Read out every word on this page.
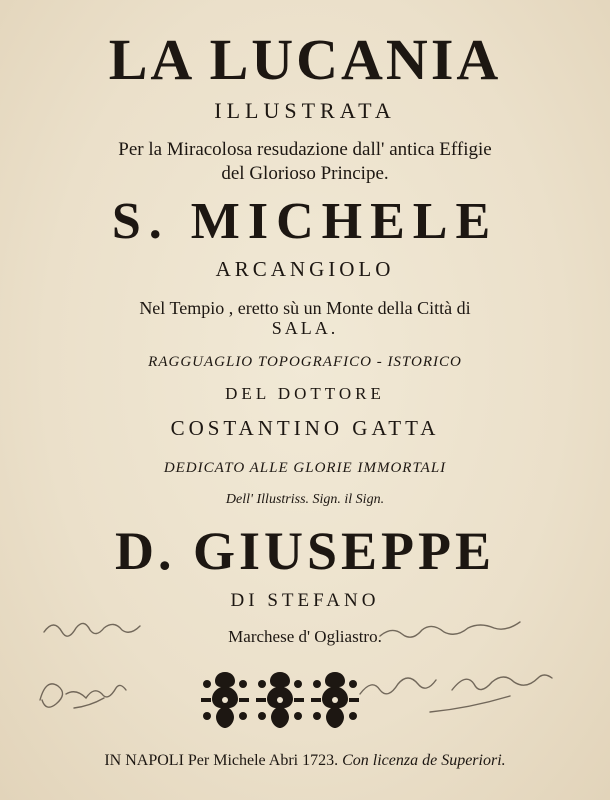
LA LUCANIA
ILLUSTRATA
Per la Miracolosa resudazione dall' antica Effigie
del Glorioso Principe.
S. MICHELE
ARCANGIOLO
Nel Tempio , eretto sù un Monte della Città di
SALA.
RAGGUAGLIO TOPOGRAFICO - ISTORICO
DEL DOTTORE
COSTANTINO GATTA
DEDICATO ALLE GLORIE IMMORTALI
Dell' Illustriss. Sign. il Sign.
D. GIUSEPPE
DI STEFANO
Marchese d' Ogliastro.
IN NAPOLI Per Michele Abri 1723. Con licenza de Superiori.
